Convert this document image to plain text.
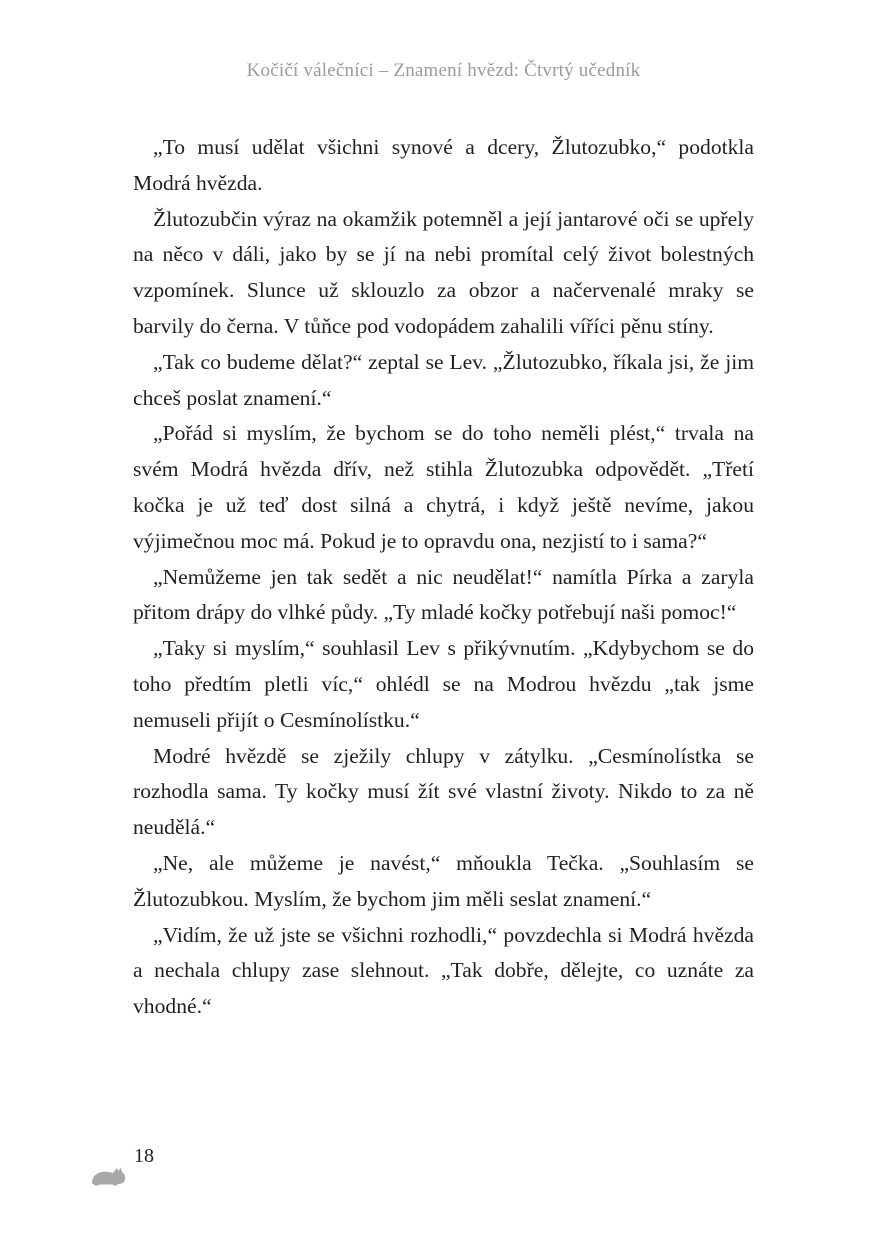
Kočičí válečníci – Znamení hvězd: Čtvrtý učedník

„To musí udělat všichni synové a dcery, Žlutozubko,“ podotkla Modrá hvězda.

Žlutozubčin výraz na okamžik potemněl a její jantarové oči se upřely na něco v dáli, jako by se jí na nebi promítal celý život bolestných vzpomínek. Slunce už sklouzlo za obzor a načervenalé mraky se barvily do černa. V tůňce pod vodopádem zahalili víříci pěnu stíny.

„Tak co budeme dělat?“ zeptal se Lev. „Žlutozubko, říkala jsi, že jim chceš poslat znamení.“

„Pořád si myslím, že bychom se do toho neměli plést,“ trvala na svém Modrá hvězda dřív, než stihla Žlutozubka odpovědět. „Třetí kočka je už teď dost silná a chytrá, i když ještě nevíme, jakou výjimečnou moc má. Pokud je to opravdu ona, nezjistí to i sama?“

„Nemůžeme jen tak sedět a nic neudělat!“ namítla Pírka a zaryla přitom drápy do vlhké půdy. „Ty mladé kočky potřebují naši pomoc!“

„Taky si myslím,“ souhlasil Lev s přikývnutím. „Kdybychom se do toho předtím pletli víc,“ ohlédl se na Modrou hvězdu „tak jsme nemuseli přijít o Cesmínolístku.“

Modré hvězdě se zježily chlupy v zátylku. „Cesmínolístka se rozhodla sama. Ty kočky musí žít své vlastní životy. Nikdo to za ně neudělá.“

„Ne, ale můžeme je navést,“ mňoukla Tečka. „Souhlasím se Žlutozubkou. Myslím, že bychom jim měli seslat znamení.“

„Vidím, že už jste se všichni rozhodli,“ povzdechla si Modrá hvězda a nechala chlupy zase slehnout. „Tak dobře, dělejte, co uznáte za vhodné.“

18
